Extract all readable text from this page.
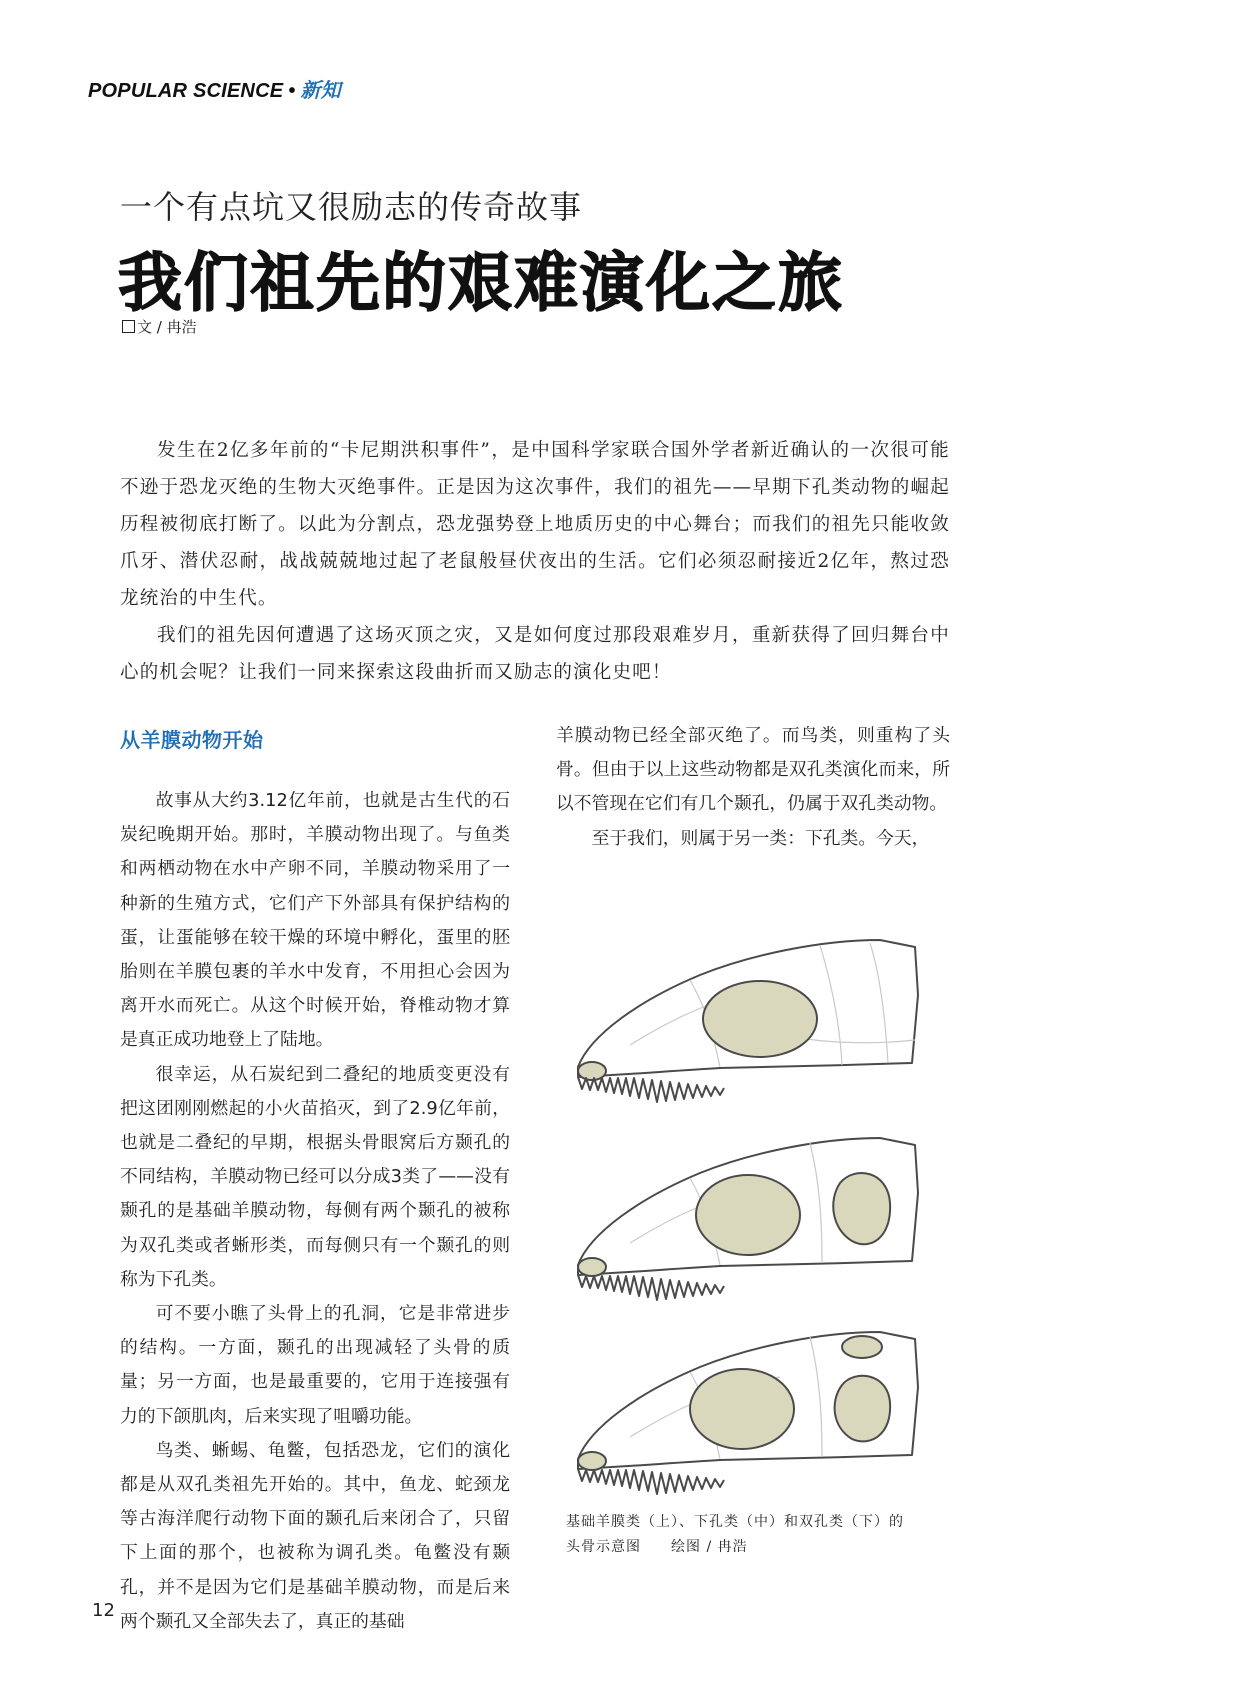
POPULAR SCIENCE • 新知
一个有点坑又很励志的传奇故事
我们祖先的艰难演化之旅
文 / 冉浩

发生在2亿多年前的“卡尼期洪积事件”，是中国科学家联合国外学者新近确认的一次很可能不逊于恐龙灭绝的生物大灭绝事件。正是因为这次事件，我们的祖先——早期下孔类动物的崛起历程被彻底打断了。以此为分割点，恐龙强势登上地质历史的中心舞台；而我们的祖先只能收敛爪牙、潜伏忍耐，战战兢兢地过起了老鼠般昼伏夜出的生活。它们必须忍耐接近2亿年，熬过恐龙统治的中生代。

我们的祖先因何遭遇了这场灭顶之灾，又是如何度过那段艰难岁月，重新获得了回归舞台中心的机会呢？让我们一同来探索这段曲折而又励志的演化史吧！

从羊膜动物开始

故事从大约3.12亿年前，也就是古生代的石炭纪晚期开始。那时，羊膜动物出现了。与鱼类和两栖动物在水中产卵不同，羊膜动物采用了一种新的生殖方式，它们产下外部具有保护结构的蛋，让蛋能够在较干燥的环境中孵化，蛋里的胚胎则在羊膜包裹的羊水中发育，不用担心会因为离开水而死亡。从这个时候开始，脊椎动物才算是真正成功地登上了陆地。

很幸运，从石炭纪到二叠纪的地质变更没有把这团刚刚燃起的小火苗掐灭，到了2.9亿年前，也就是二叠纪的早期，根据头骨眼窝后方颞孔的不同结构，羊膜动物已经可以分成3类了——没有颞孔的是基础羊膜动物，每侧有两个颞孔的被称为双孔类或者蜥形类，而每侧只有一个颞孔的则称为下孔类。

可不要小瞧了头骨上的孔洞，它是非常进步的结构。一方面，颞孔的出现减轻了头骨的质量；另一方面，也是最重要的，它用于连接强有力的下颌肌肉，后来实现了咀嚼功能。

鸟类、蜥蜴、龟鳖，包括恐龙，它们的演化都是从双孔类祖先开始的。其中，鱼龙、蛇颈龙等古海洋爬行动物下面的颞孔后来闭合了，只留下上面的那个，也被称为调孔类。龟鳖没有颞孔，并不是因为它们是基础羊膜动物，而是后来两个颞孔又全部失去了，真正的基础

羊膜动物已经全部灭绝了。而鸟类，则重构了头骨。但由于以上这些动物都是双孔类演化而来，所以不管现在它们有几个颞孔，仍属于双孔类动物。

至于我们，则属于另一类：下孔类。今天，

基础羊膜类（上）、下孔类（中）和双孔类（下）的
头骨示意图　　绘图 / 冉浩
12
